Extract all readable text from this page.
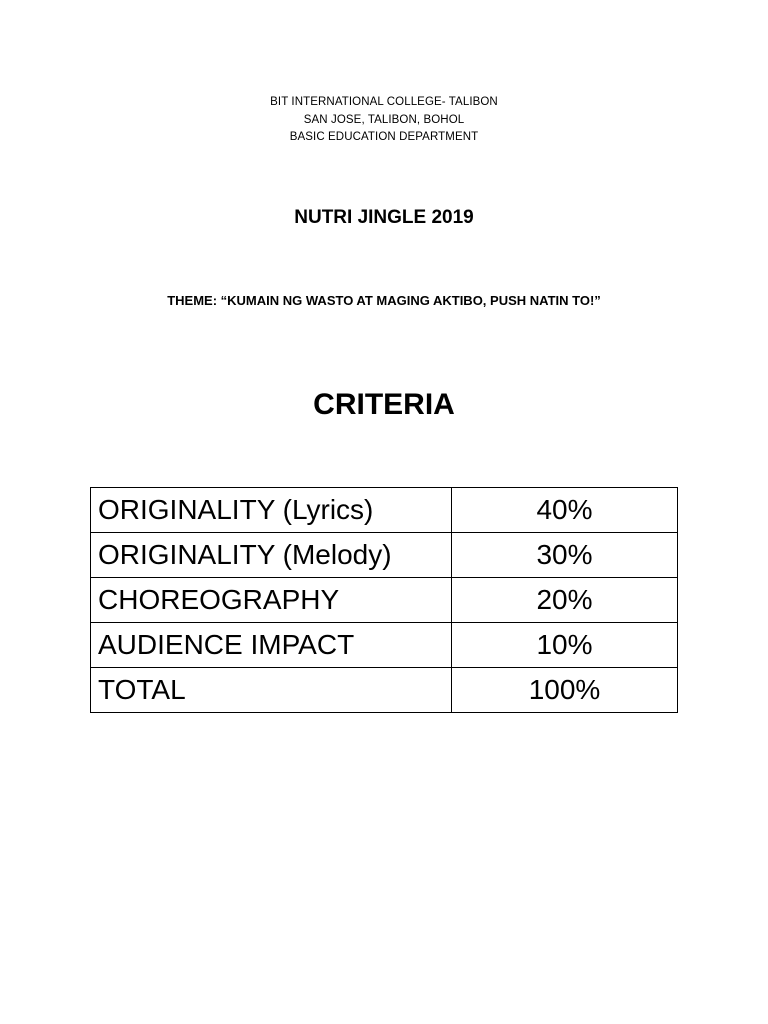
BIT INTERNATIONAL COLLEGE- TALIBON
SAN JOSE, TALIBON, BOHOL
BASIC EDUCATION DEPARTMENT
NUTRI JINGLE 2019
THEME: “KUMAIN NG WASTO AT MAGING AKTIBO, PUSH NATIN TO!”
CRITERIA
ORIGINALITY (Lyrics)	40%
ORIGINALITY (Melody)	30%
CHOREOGRAPHY	20%
AUDIENCE IMPACT	10%
TOTAL	100%
